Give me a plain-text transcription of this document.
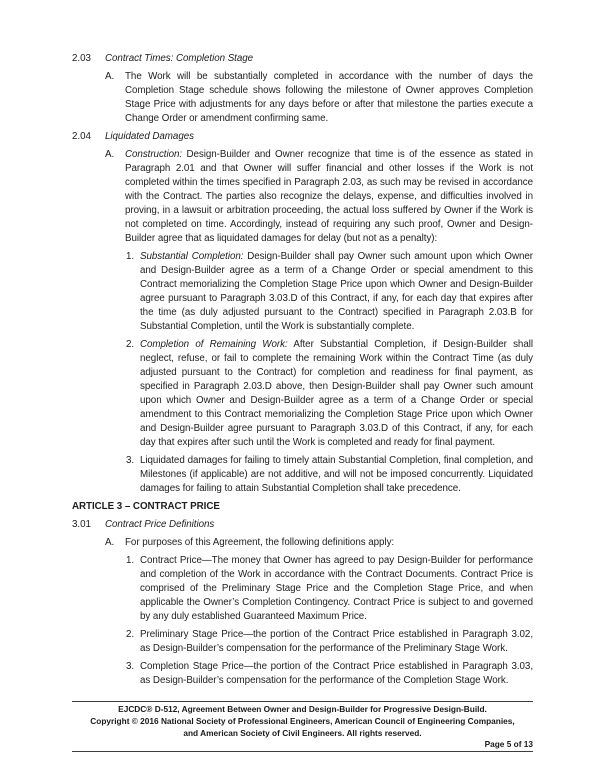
2.03 Contract Times: Completion Stage
A. The Work will be substantially completed in accordance with the number of days the Completion Stage schedule shows following the milestone of Owner approves Completion Stage Price with adjustments for any days before or after that milestone the parties execute a Change Order or amendment confirming same.
2.04 Liquidated Damages
A. Construction: Design-Builder and Owner recognize that time is of the essence as stated in Paragraph 2.01 and that Owner will suffer financial and other losses if the Work is not completed within the times specified in Paragraph 2.03, as such may be revised in accordance with the Contract. The parties also recognize the delays, expense, and difficulties involved in proving, in a lawsuit or arbitration proceeding, the actual loss suffered by Owner if the Work is not completed on time. Accordingly, instead of requiring any such proof, Owner and Design-Builder agree that as liquidated damages for delay (but not as a penalty):
1. Substantial Completion: Design-Builder shall pay Owner such amount upon which Owner and Design-Builder agree as a term of a Change Order or special amendment to this Contract memorializing the Completion Stage Price upon which Owner and Design-Builder agree pursuant to Paragraph 3.03.D of this Contract, if any, for each day that expires after the time (as duly adjusted pursuant to the Contract) specified in Paragraph 2.03.B for Substantial Completion, until the Work is substantially complete.
2. Completion of Remaining Work: After Substantial Completion, if Design-Builder shall neglect, refuse, or fail to complete the remaining Work within the Contract Time (as duly adjusted pursuant to the Contract) for completion and readiness for final payment, as specified in Paragraph 2.03.D above, then Design-Builder shall pay Owner such amount upon which Owner and Design-Builder agree as a term of a Change Order or special amendment to this Contract memorializing the Completion Stage Price upon which Owner and Design-Builder agree pursuant to Paragraph 3.03.D of this Contract, if any, for each day that expires after such until the Work is completed and ready for final payment.
3. Liquidated damages for failing to timely attain Substantial Completion, final completion, and Milestones (if applicable) are not additive, and will not be imposed concurrently. Liquidated damages for failing to attain Substantial Completion shall take precedence.
ARTICLE 3 – CONTRACT PRICE
3.01 Contract Price Definitions
A. For purposes of this Agreement, the following definitions apply:
1. Contract Price—The money that Owner has agreed to pay Design-Builder for performance and completion of the Work in accordance with the Contract Documents. Contract Price is comprised of the Preliminary Stage Price and the Completion Stage Price, and when applicable the Owner’s Completion Contingency. Contract Price is subject to and governed by any duly established Guaranteed Maximum Price.
2. Preliminary Stage Price—the portion of the Contract Price established in Paragraph 3.02, as Design-Builder’s compensation for the performance of the Preliminary Stage Work.
3. Completion Stage Price—the portion of the Contract Price established in Paragraph 3.03, as Design-Builder’s compensation for the performance of the Completion Stage Work.
EJCDC® D-512, Agreement Between Owner and Design-Builder for Progressive Design-Build.
Copyright © 2016 National Society of Professional Engineers, American Council of Engineering Companies,
and American Society of Civil Engineers. All rights reserved.
Page 5 of 13
